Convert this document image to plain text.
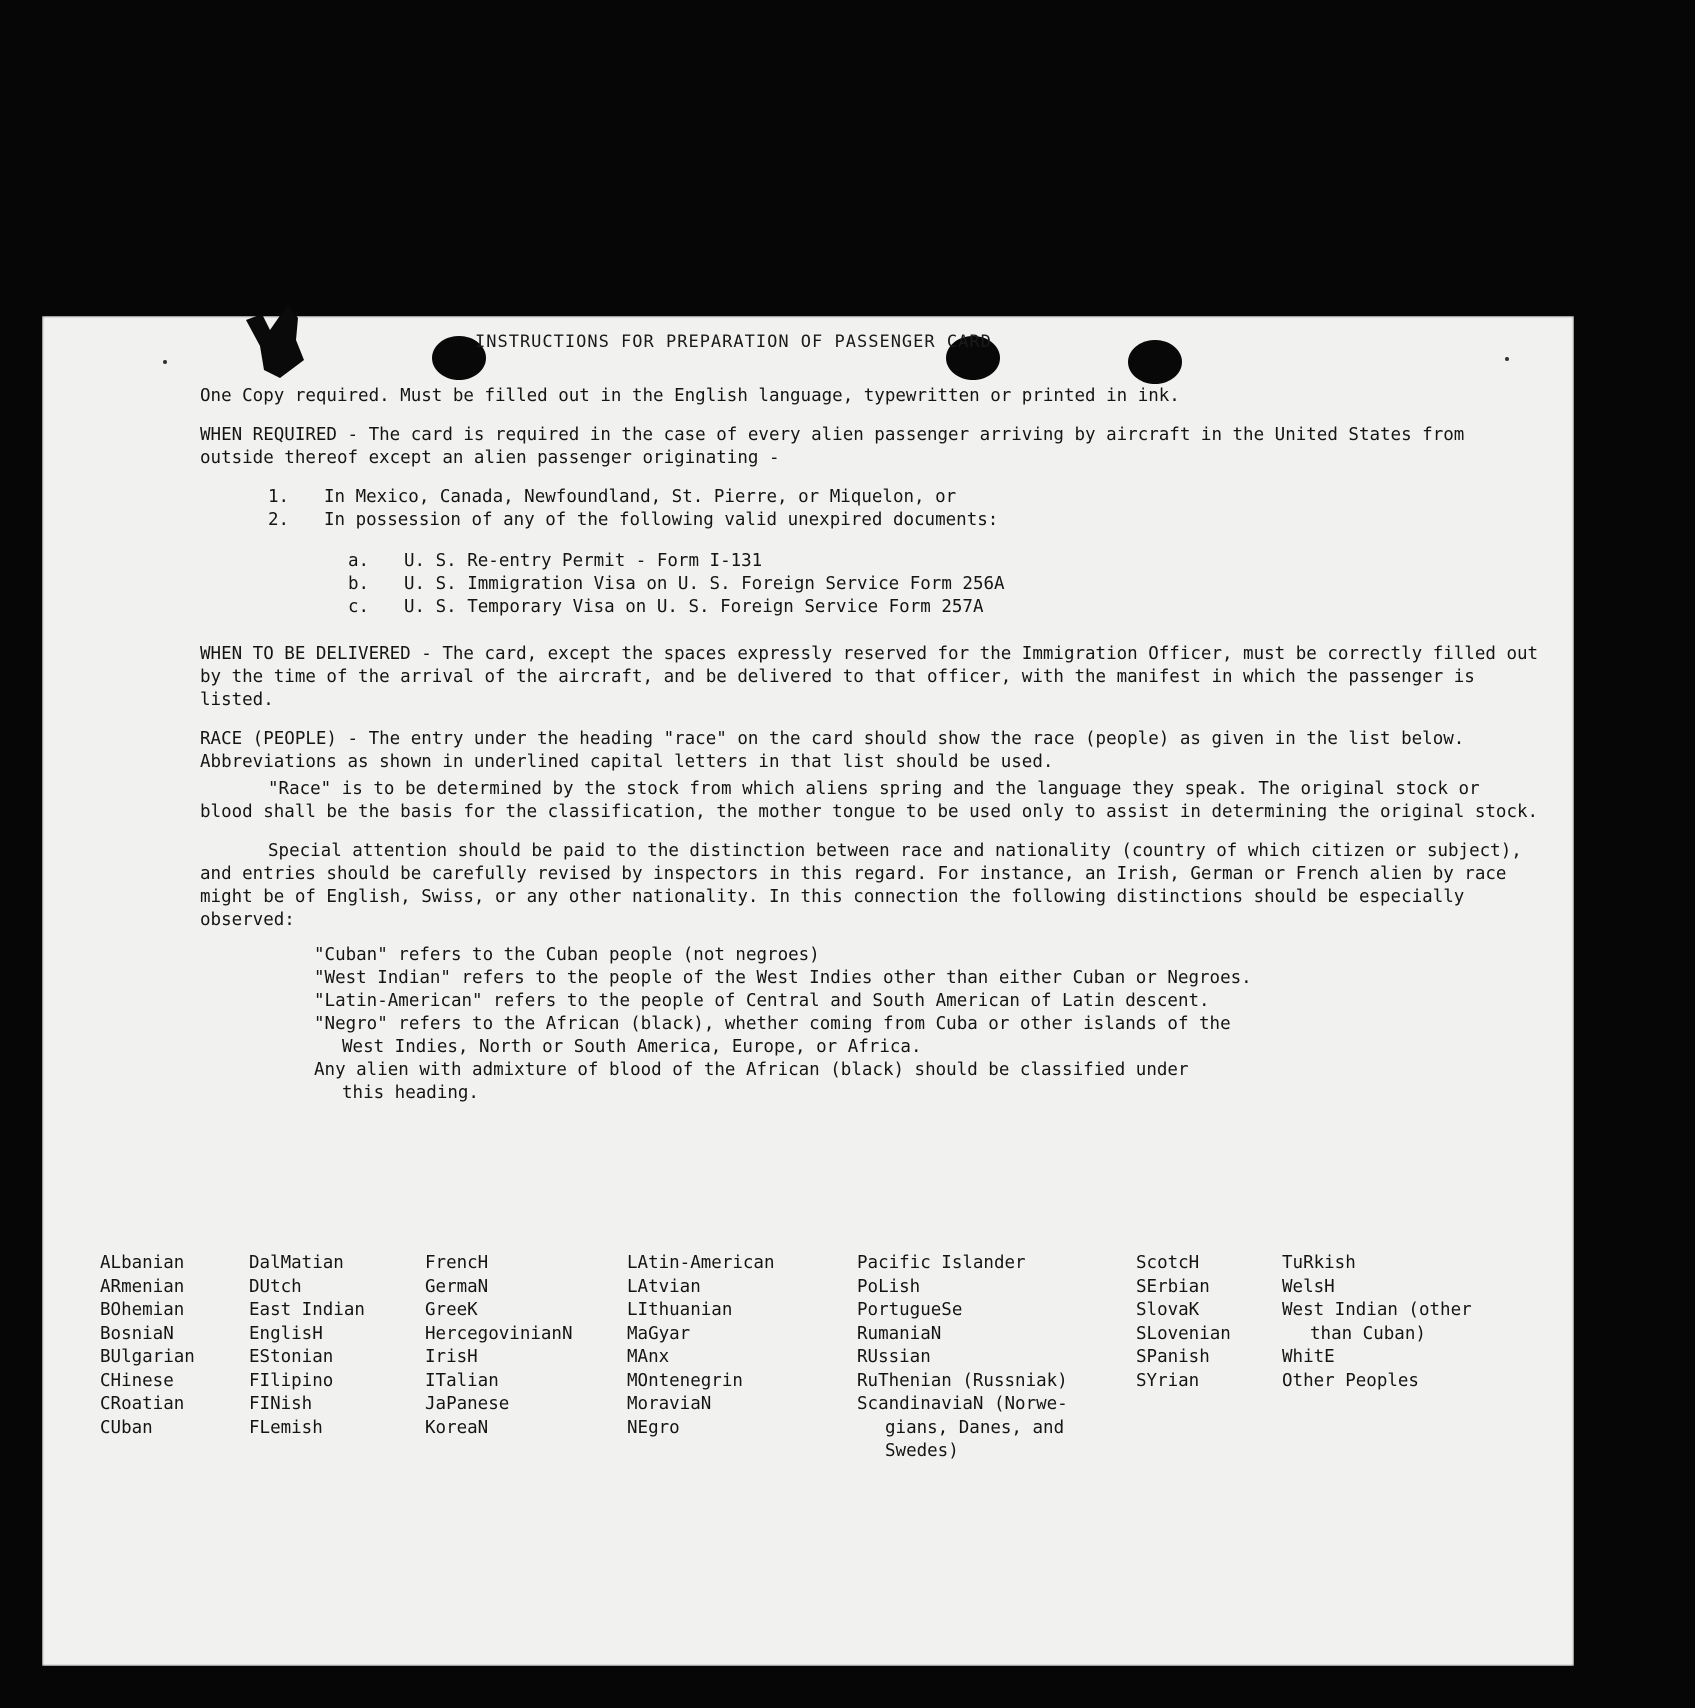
INSTRUCTIONS FOR PREPARATION OF PASSENGER CARD

One Copy required. Must be filled out in the English language, typewritten or printed in ink.

WHEN REQUIRED - The card is required in the case of every alien passenger arriving by aircraft in the United States from outside thereof except an alien passenger originating -

1. In Mexico, Canada, Newfoundland, St. Pierre, or Miquelon, or
2. In possession of any of the following valid unexpired documents:
a. U. S. Re-entry Permit - Form I-131
b. U. S. Immigration Visa on U. S. Foreign Service Form 256A
c. U. S. Temporary Visa on U. S. Foreign Service Form 257A

WHEN TO BE DELIVERED - The card, except the spaces expressly reserved for the Immigration Officer, must be correctly filled out by the time of the arrival of the aircraft, and be delivered to that officer, with the manifest in which the passenger is listed.

RACE (PEOPLE) - The entry under the heading "race" on the card should show the race (people) as given in the list below. Abbreviations as shown in underlined capital letters in that list should be used.

"Race" is to be determined by the stock from which aliens spring and the language they speak. The original stock or blood shall be the basis for the classification, the mother tongue to be used only to assist in determining the original stock.

Special attention should be paid to the distinction between race and nationality (country of which citizen or subject), and entries should be carefully revised by inspectors in this regard. For instance, an Irish, German or French alien by race might be of English, Swiss, or any other nationality. In this connection the following distinctions should be especially observed:

"Cuban" refers to the Cuban people (not negroes)
"West Indian" refers to the people of the West Indies other than either Cuban or Negroes.
"Latin-American" refers to the people of Central and South American of Latin descent.
"Negro" refers to the African (black), whether coming from Cuba or other islands of the
West Indies, North or South America, Europe, or Africa.
Any alien with admixture of blood of the African (black) should be classified under
this heading.
ALbanian
ARmenian
BOhemian
BosniaN
BUlgarian
CHinese
CRoatian
CUban
DalMatian
DUtch
East Indian
EnglisH
EStonian
FIlipino
FINish
FLemish
FrencH
GermaN
GreeK
HercegovinianN
IrisH
ITalian
JaPanese
KoreaN
LAtin-American
LAtvian
LIthuanian
MaGyar
MAnx
MOntenegrin
MoraviaN
NEgro
Pacific Islander
PoLish
PortugueSe
RumaniaN
RUssian
RuThenian (Russniak)
ScandinaviaN (Norwe-
gians, Danes, and
Swedes)
ScotcH
SErbian
SlovaK
SLovenian
SPanish
SYrian
TuRkish
WelsH
West Indian (other
than Cuban)
WhitE
Other Peoples
